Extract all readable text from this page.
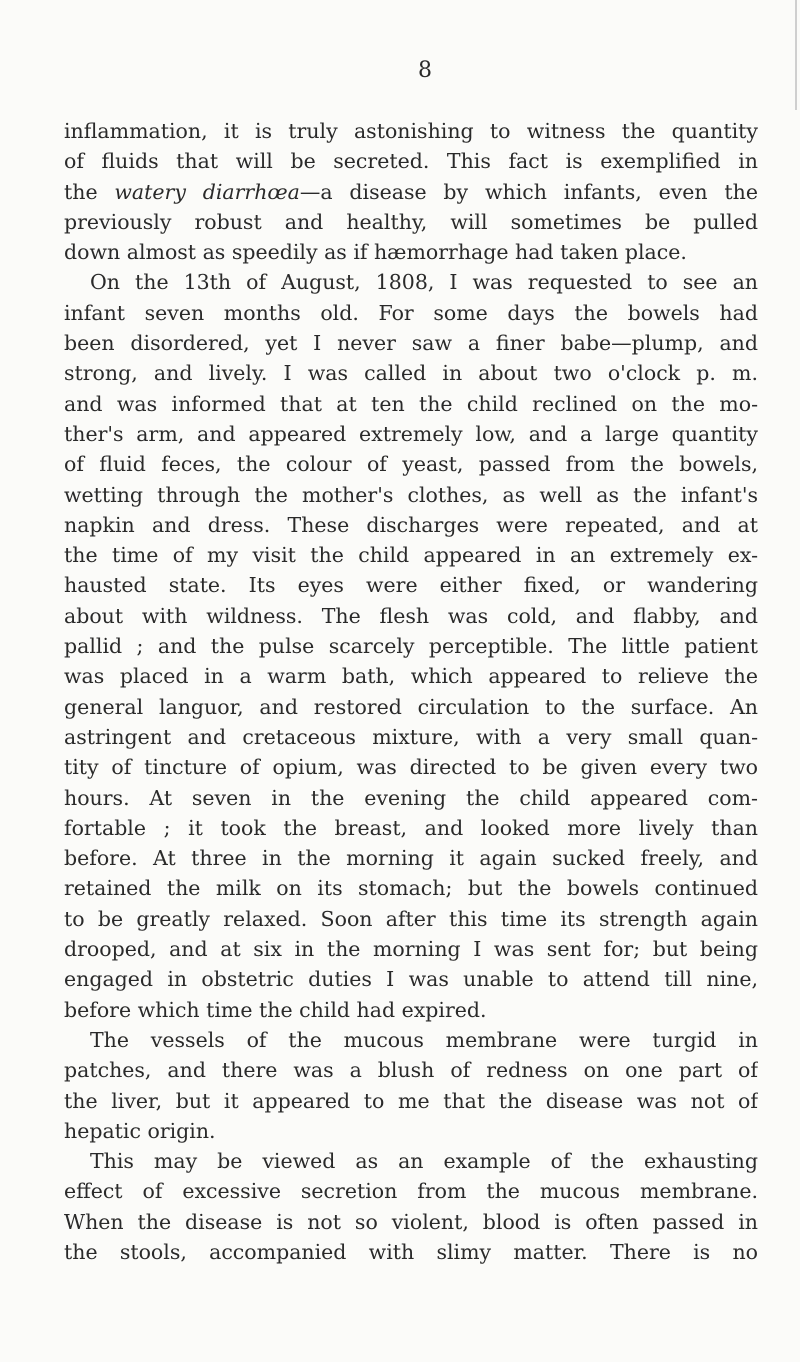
8
inflammation, it is truly astonishing to witness the quantity
of fluids that will be secreted. This fact is exemplified in
the watery diarrhœa—a disease by which infants, even the
previously robust and healthy, will sometimes be pulled
down almost as speedily as if hæmorrhage had taken place.
On the 13th of August, 1808, I was requested to see an
infant seven months old. For some days the bowels had
been disordered, yet I never saw a finer babe—plump, and
strong, and lively. I was called in about two o'clock p. m.
and was informed that at ten the child reclined on the mo-
ther's arm, and appeared extremely low, and a large quantity
of fluid feces, the colour of yeast, passed from the bowels,
wetting through the mother's clothes, as well as the infant's
napkin and dress. These discharges were repeated, and at
the time of my visit the child appeared in an extremely ex-
hausted state. Its eyes were either fixed, or wandering
about with wildness. The flesh was cold, and flabby, and
pallid ; and the pulse scarcely perceptible. The little patient
was placed in a warm bath, which appeared to relieve the
general languor, and restored circulation to the surface. An
astringent and cretaceous mixture, with a very small quan-
tity of tincture of opium, was directed to be given every two
hours. At seven in the evening the child appeared com-
fortable ; it took the breast, and looked more lively than
before. At three in the morning it again sucked freely, and
retained the milk on its stomach; but the bowels continued
to be greatly relaxed. Soon after this time its strength again
drooped, and at six in the morning I was sent for; but being
engaged in obstetric duties I was unable to attend till nine,
before which time the child had expired.
The vessels of the mucous membrane were turgid in
patches, and there was a blush of redness on one part of
the liver, but it appeared to me that the disease was not of
hepatic origin.
This may be viewed as an example of the exhausting
effect of excessive secretion from the mucous membrane.
When the disease is not so violent, blood is often passed in
the stools, accompanied with slimy matter. There is no
